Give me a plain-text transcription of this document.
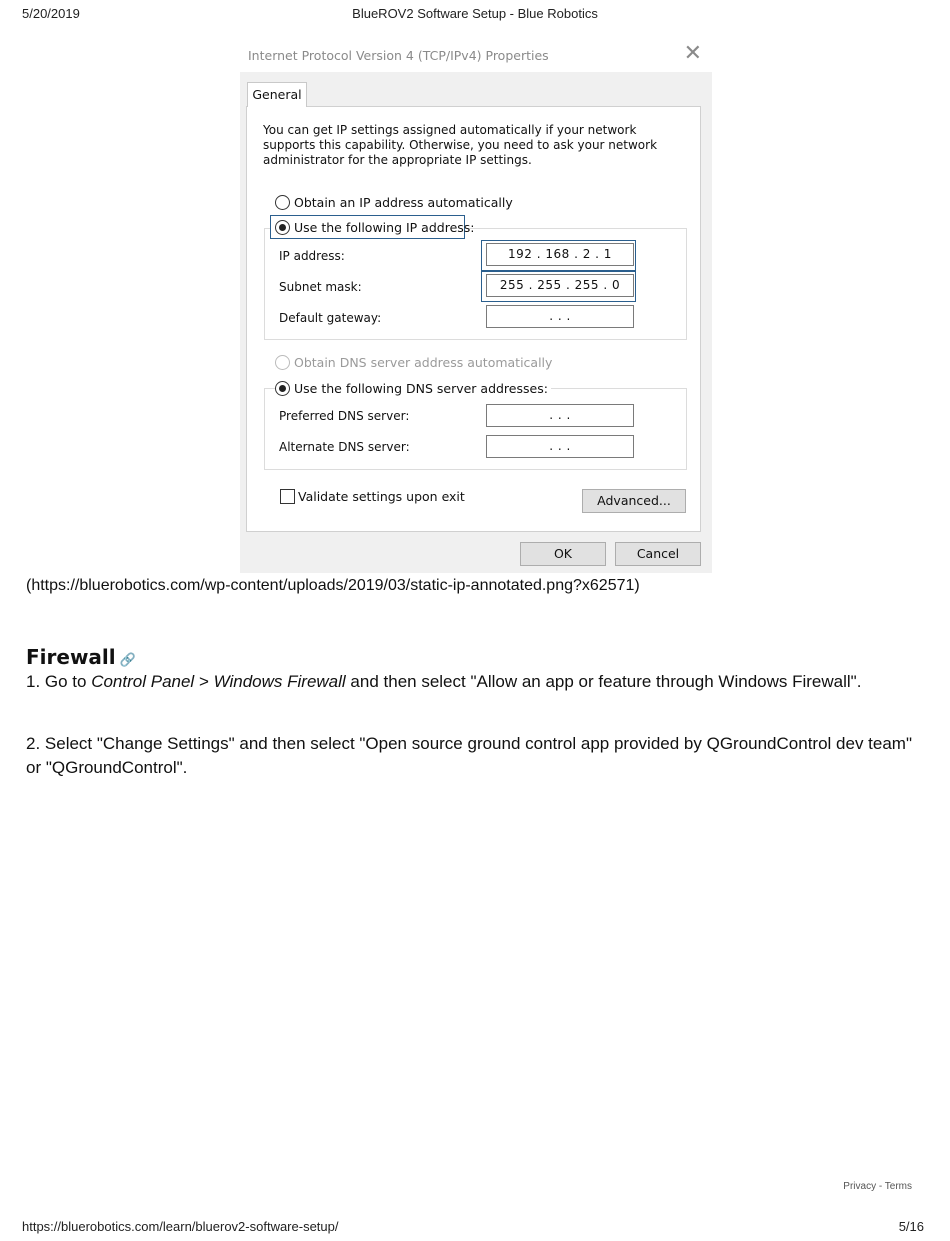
5/20/2019	BlueROV2 Software Setup - Blue Robotics
Internet Protocol Version 4 (TCP/IPv4) Properties	✕
General
You can get IP settings assigned automatically if your network supports this capability. Otherwise, you need to ask your network administrator for the appropriate IP settings.
Obtain an IP address automatically
Use the following IP address:
IP address:	192 . 168 . 2 . 1
Subnet mask:	255 . 255 . 255 . 0
Default gateway:	. . .
Obtain DNS server address automatically
Use the following DNS server addresses:
Preferred DNS server:	. . .
Alternate DNS server:	. . .
Validate settings upon exit	Advanced...
OK	Cancel
(https://bluerobotics.com/wp-content/uploads/2019/03/static-ip-annotated.png?x62571)
Firewall 🔗

1. Go to Control Panel > Windows Firewall and then select "Allow an app or feature through Windows Firewall".

2. Select "Change Settings" and then select "Open source ground control app provided by QGroundControl dev team" or "QGroundControl".

Privacy - Terms
https://bluerobotics.com/learn/bluerov2-software-setup/	5/16
